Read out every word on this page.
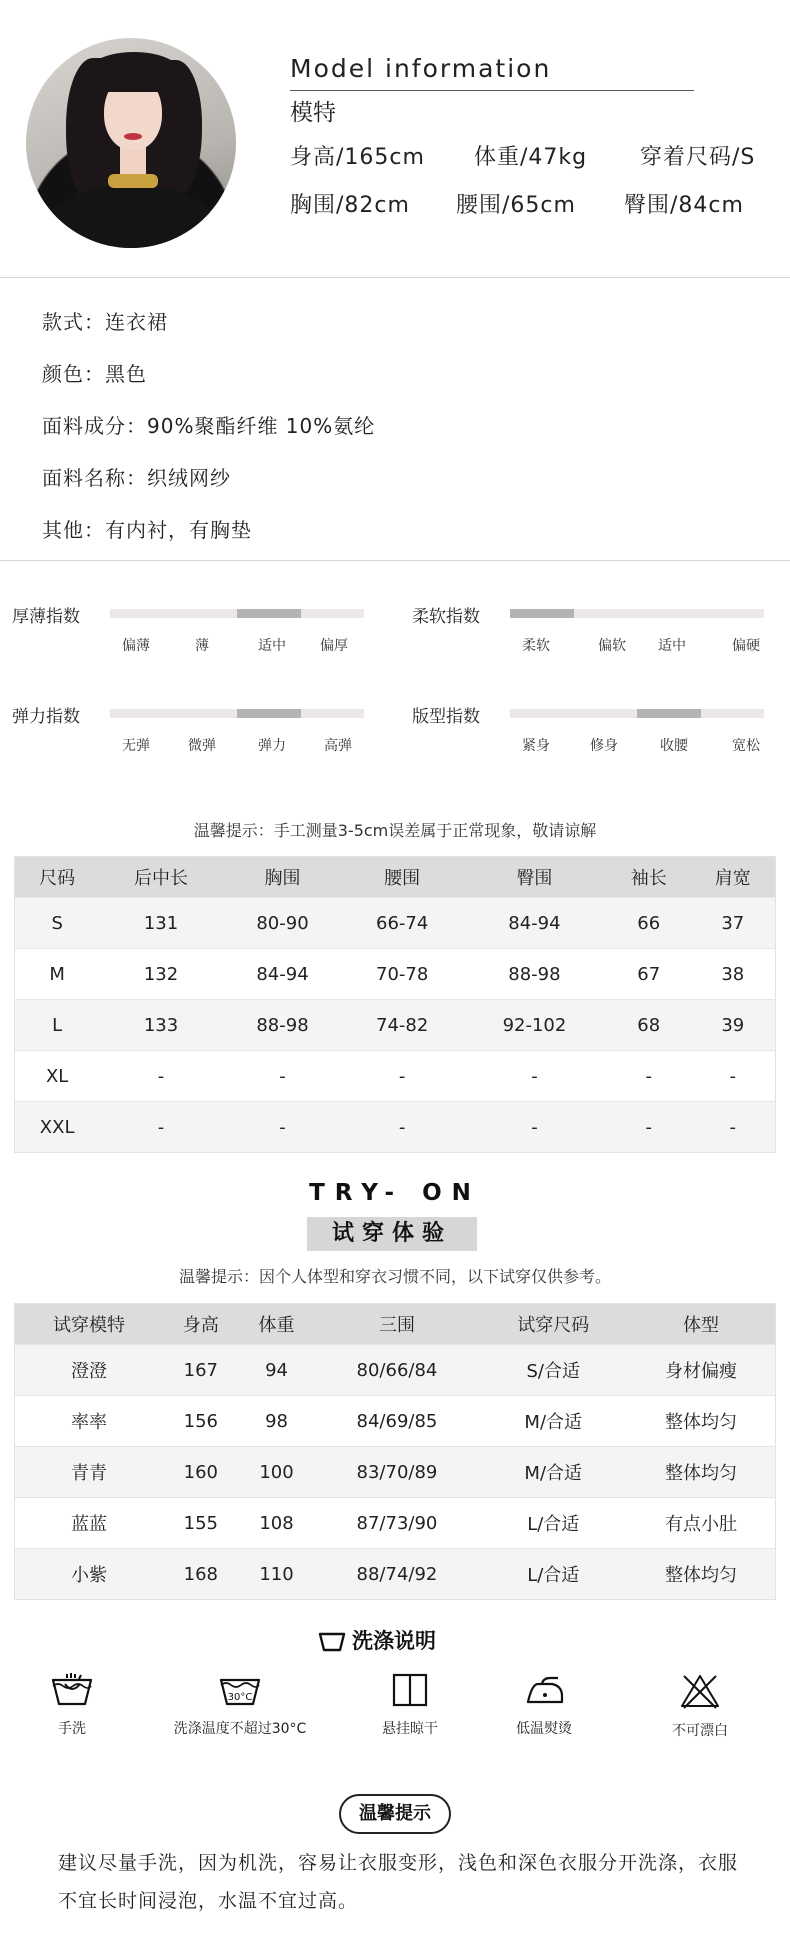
Model information
模特
身高/165cm 体重/47kg 穿着尺码/S
胸围/82cm 腰围/65cm 臀围/84cm
款式：连衣裙
颜色：黑色
面料成分：90%聚酯纤维 10%氨纶
面料名称：织绒网纱
其他：有内衬，有胸垫
厚薄指数
偏薄	薄	适中	偏厚
柔软指数
柔软	偏软	适中	偏硬
弹力指数
无弹	微弹	弹力	高弹
版型指数
紧身	修身	收腰	宽松
温馨提示：手工测量3-5cm误差属于正常现象，敬请谅解
尺码	后中长	胸围	腰围	臀围	袖长	肩宽
S	131	80-90	66-74	84-94	66	37
M	132	84-94	70-78	88-98	67	38
L	133	88-98	74-82	92-102	68	39
XL	-	-	-	-	-	-
XXL	-	-	-	-	-	-
TRY- ON
试穿体验
温馨提示：因个人体型和穿衣习惯不同，以下试穿仅供参考。
试穿模特	身高	体重	三围	试穿尺码	体型
澄澄	167	94	80/66/84	S/合适	身材偏瘦
率率	156	98	84/69/85	M/合适	整体均匀
青青	160	100	83/70/89	M/合适	整体均匀
蓝蓝	155	108	87/73/90	L/合适	有点小肚
小紫	168	110	88/74/92	L/合适	整体均匀
洗涤说明
手洗
30°C
洗涤温度不超过30°C	悬挂晾干	低温熨烫	不可漂白
温馨提示
建议尽量手洗，因为机洗，容易让衣服变形，浅色和深色衣服分开洗涤，衣服不宜长时间浸泡，水温不宜过高。
